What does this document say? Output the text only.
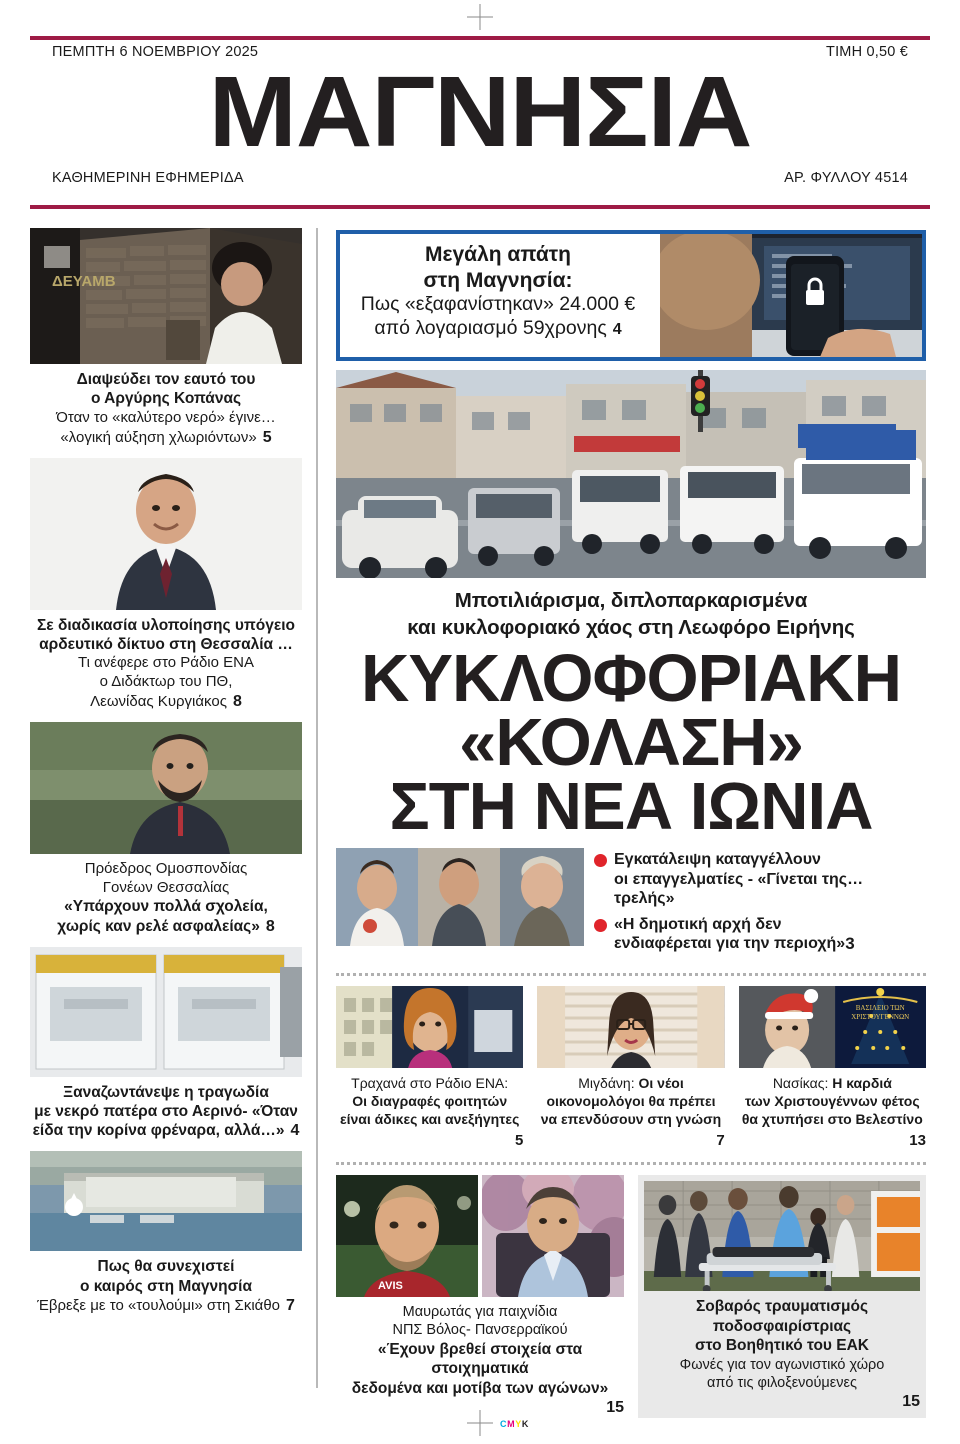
CMYK
ΠΕΜΠΤΗ 6 ΝΟΕΜΒΡΙΟΥ 2025	ΤΙΜΗ 0,50 €
ΜΑΓΝΗΣΙΑ
ΚΑΘΗΜΕΡΙΝΗ ΕΦΗΜΕΡΙΔΑ	ΑΡ. ΦΥΛΛΟΥ 4514
ΔΕΥΑΜΒ
Διαψεύδει τον εαυτό του
ο Αργύρης Κοπάνας
Όταν το «καλύτερο νερό» έγινε…
«λογική αύξηση χλωριόντων» 5
Σε διαδικασία υλοποίησης υπόγειο
αρδευτικό δίκτυο στη Θεσσαλία …
Τι ανέφερε στο Ράδιο ΕΝΑ
ο Διδάκτωρ του ΠΘ,
Λεωνίδας Κυργιάκος 8
Πρόεδρος Ομοσπονδίας
Γονέων Θεσσαλίας
«Υπάρχουν πολλά σχολεία,
χωρίς καν ρελέ ασφαλείας» 8
Ξαναζωντάνεψε η τραγωδία
με νεκρό πατέρα στο Αερινό- «Όταν
είδα την κορίνα φρέναρα, αλλά…» 4
Πως θα συνεχιστεί
ο καιρός στη Μαγνησία
Έβρεξε με το «τουλούμι» στη Σκιάθο 7
Μεγάλη απάτη
στη Μαγνησία:
Πως «εξαφανίστηκαν» 24.000 €
από λογαριασμό 59χρονης 4
Μποτιλιάρισμα, διπλοπαρκαρισμένα
και κυκλοφοριακό χάος στη Λεωφόρο Ειρήνης
ΚΥΚΛΟΦΟΡΙΑΚΗ
«ΚΟΛΑΣΗ»
ΣΤΗ ΝΕΑ ΙΩΝΙΑ
Εγκατάλειψη καταγγέλλουν
οι επαγγελματίες - «Γίνεται της… τρελής»
«Η δημοτική αρχή δεν
ενδιαφέρεται για την περιοχή» 3
Τραχανά στο Ράδιο ΕΝΑ:
Οι διαγραφές φοιτητών
είναι άδικες και ανεξήγητες
5
Μιγδάνη: Οι νέοι
οικονομολόγοι θα πρέπει
να επενδύσουν στη γνώση
7
ΒΑΣΙΛΕΙΟ ΤΩΝ
ΧΡΙΣΤΟΥΓΕΝΝΩΝ
Νασίκας: Η καρδιά
των Χριστουγέννων φέτος
θα χτυπήσει στο Βελεστίνο
13
AVIS
Μαυρωτάς για παιχνίδια
ΝΠΣ Βόλος- Πανσερραϊκού
«Έχουν βρεθεί στοιχεία στα στοιχηματικά
δεδομένα και μοτίβα των αγώνων»
15
Σοβαρός τραυματισμός ποδοσφαιρίστριας
στο Βοηθητικό του ΕΑΚ
Φωνές για τον αγωνιστικό χώρο
από τις φιλοξενούμενες
15
